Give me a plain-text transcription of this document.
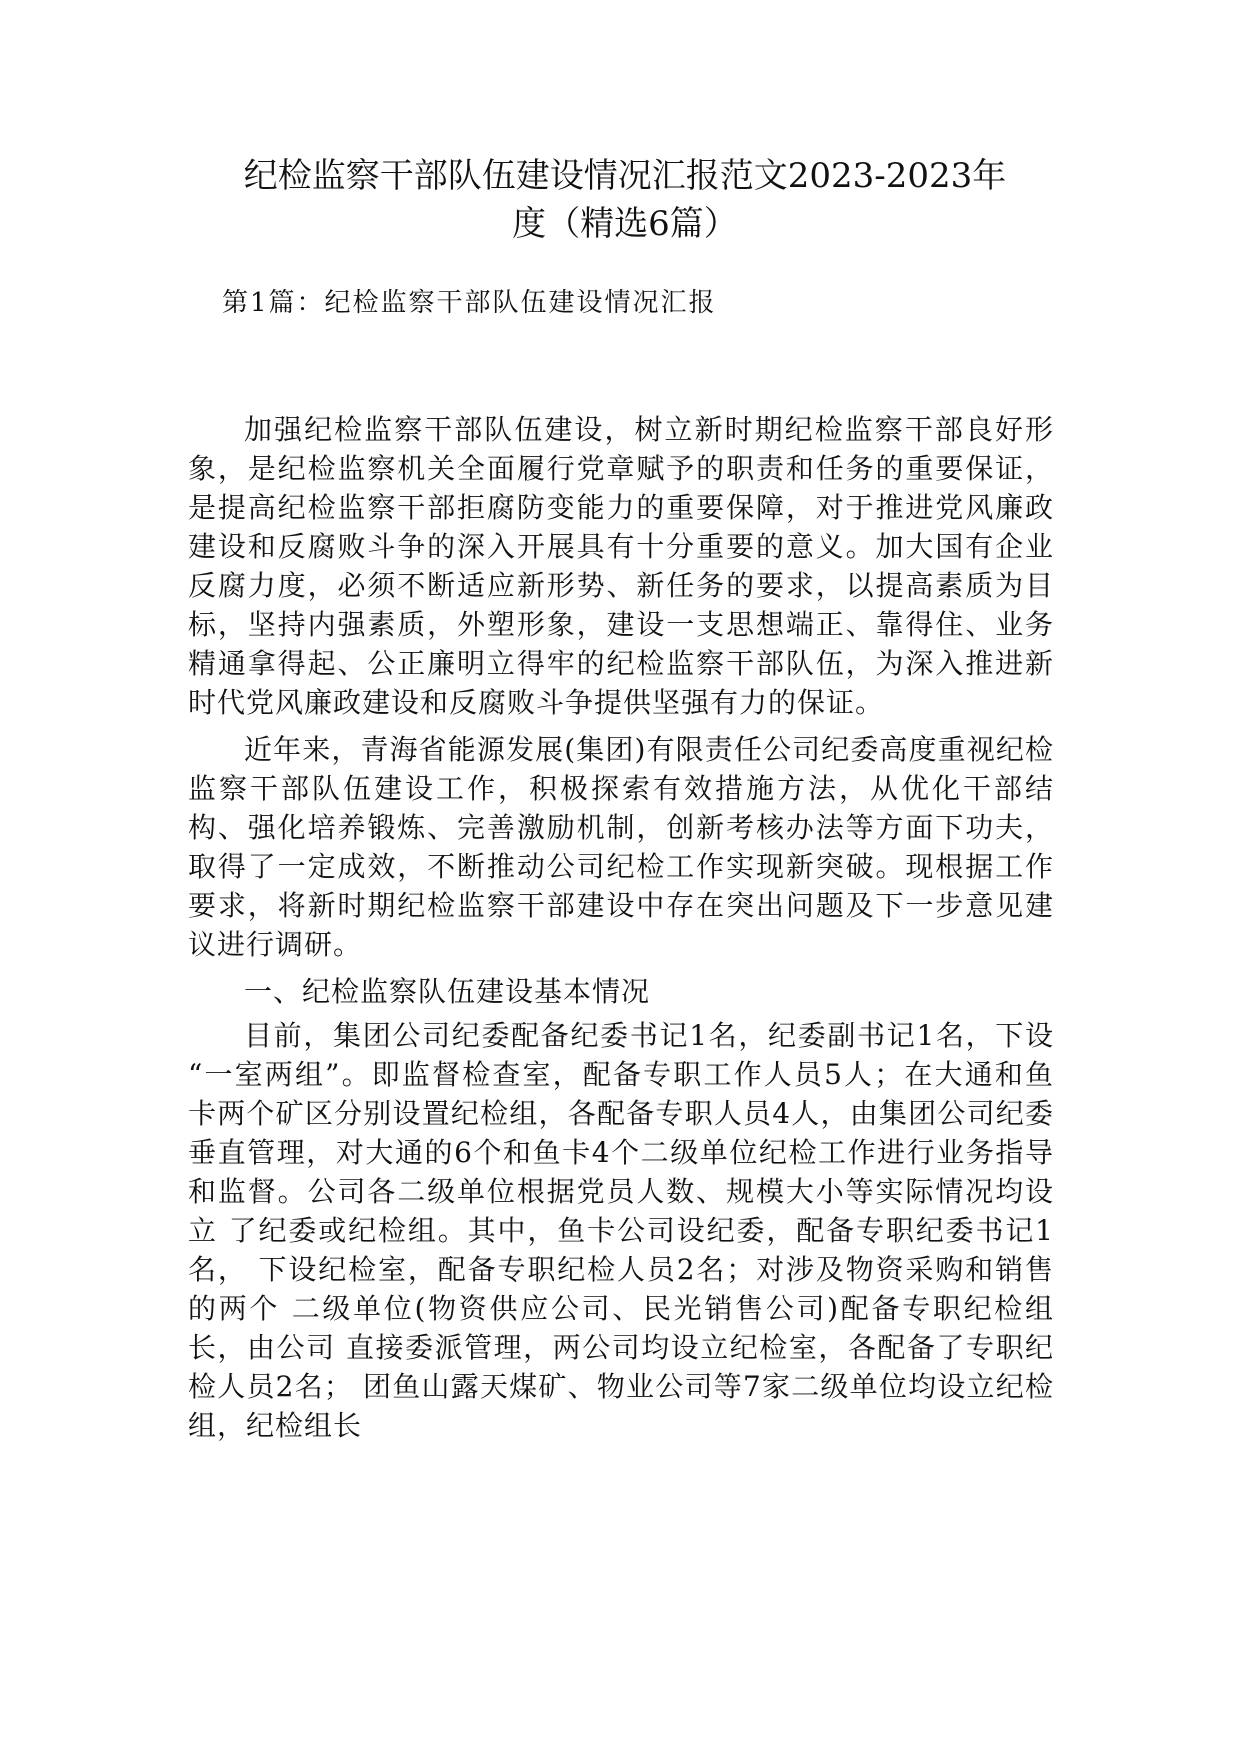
纪检监察干部队伍建设情况汇报范文2023-2023年度（精选6篇）
第1篇：纪检监察干部队伍建设情况汇报

加强纪检监察干部队伍建设，树立新时期纪检监察干部良好形象，是纪检监察机关全面履行党章赋予的职责和任务的重要保证，是提高纪检监察干部拒腐防变能力的重要保障，对于推进党风廉政建设和反腐败斗争的深入开展具有十分重要的意义。加大国有企业反腐力度，必须不断适应新形势、新任务的要求，以提高素质为目标，坚持内强素质，外塑形象，建设一支思想端正、靠得住、业务精通拿得起、公正廉明立得牢的纪检监察干部队伍，为深入推进新时代党风廉政建设和反腐败斗争提供坚强有力的保证。

近年来，青海省能源发展(集团)有限责任公司纪委高度重视纪检监察干部队伍建设工作，积极探索有效措施方法，从优化干部结构、强化培养锻炼、完善激励机制，创新考核办法等方面下功夫，取得了一定成效，不断推动公司纪检工作实现新突破。现根据工作要求，将新时期纪检监察干部建设中存在突出问题及下一步意见建议进行调研。

一、纪检监察队伍建设基本情况

目前，集团公司纪委配备纪委书记1名，纪委副书记1名，下设 “一室两组”。即监督检查室，配备专职工作人员5人；在大通和鱼 卡两个矿区分别设置纪检组，各配备专职人员4人，由集团公司纪委 垂直管理，对大通的6个和鱼卡4个二级单位纪检工作进行业务指导 和监督。公司各二级单位根据党员人数、规模大小等实际情况均设立 了纪委或纪检组。其中，鱼卡公司设纪委，配备专职纪委书记1名， 下设纪检室，配备专职纪检人员2名；对涉及物资采购和销售的两个 二级单位(物资供应公司、民光销售公司)配备专职纪检组长，由公司 直接委派管理，两公司均设立纪检室，各配备了专职纪检人员2名； 团鱼山露天煤矿、物业公司等7家二级单位均设立纪检组，纪检组长
